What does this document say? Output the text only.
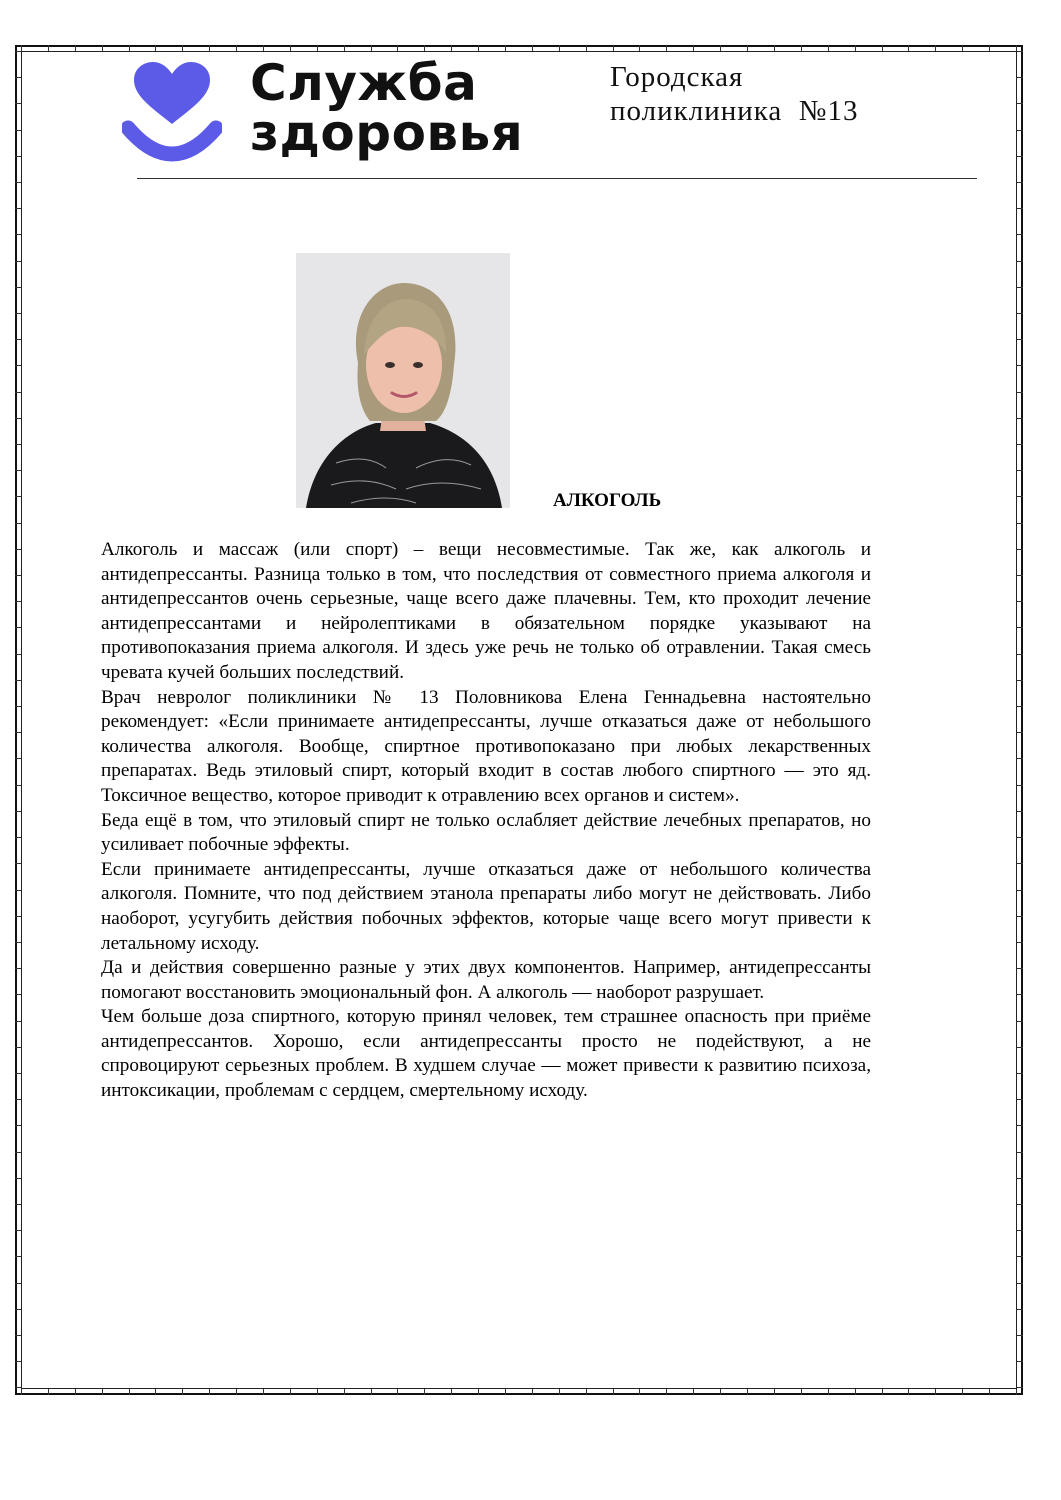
Служба
здоровья
Городская
поликлиника  №13
АЛКОГОЛЬ

Алкоголь и массаж (или спорт) – вещи несовместимые. Так же, как алкоголь и антидепрессанты. Разница только в том, что последствия от совместного приема алкоголя и антидепрессантов очень серьезные, чаще всего даже плачевны. Тем, кто проходит лечение антидепрессантами и нейролептиками в обязательном порядке указывают на противопоказания приема алкоголя. И здесь уже речь не только об отравлении. Такая смесь чревата кучей больших последствий.

Врач невролог поликлиники № 13 Половникова Елена Геннадьевна настоятельно рекомендует: «Если принимаете антидепрессанты, лучше отказаться даже от небольшого количества алкоголя. Вообще, спиртное противопоказано при любых лекарственных препаратах. Ведь этиловый спирт, который входит в состав любого спиртного — это яд. Токсичное вещество, которое приводит к отравлению всех органов и систем».

Беда ещё в том, что этиловый спирт не только ослабляет действие лечебных препаратов, но усиливает побочные эффекты.

Если принимаете антидепрессанты, лучше отказаться даже от небольшого количества алкоголя. Помните, что под действием этанола препараты либо могут не действовать. Либо наоборот, усугубить действия побочных эффектов, которые чаще всего могут привести к летальному исходу.

Да и действия совершенно разные у этих двух компонентов. Например, антидепрессанты помогают восстановить эмоциональный фон. А алкоголь — наоборот разрушает.

Чем больше доза спиртного, которую принял человек, тем страшнее опасность при приёме антидепрессантов. Хорошо, если антидепрессанты просто не подействуют, а не спровоцируют серьезных проблем. В худшем случае — может привести к развитию психоза, интоксикации, проблемам с сердцем, смертельному исходу.
